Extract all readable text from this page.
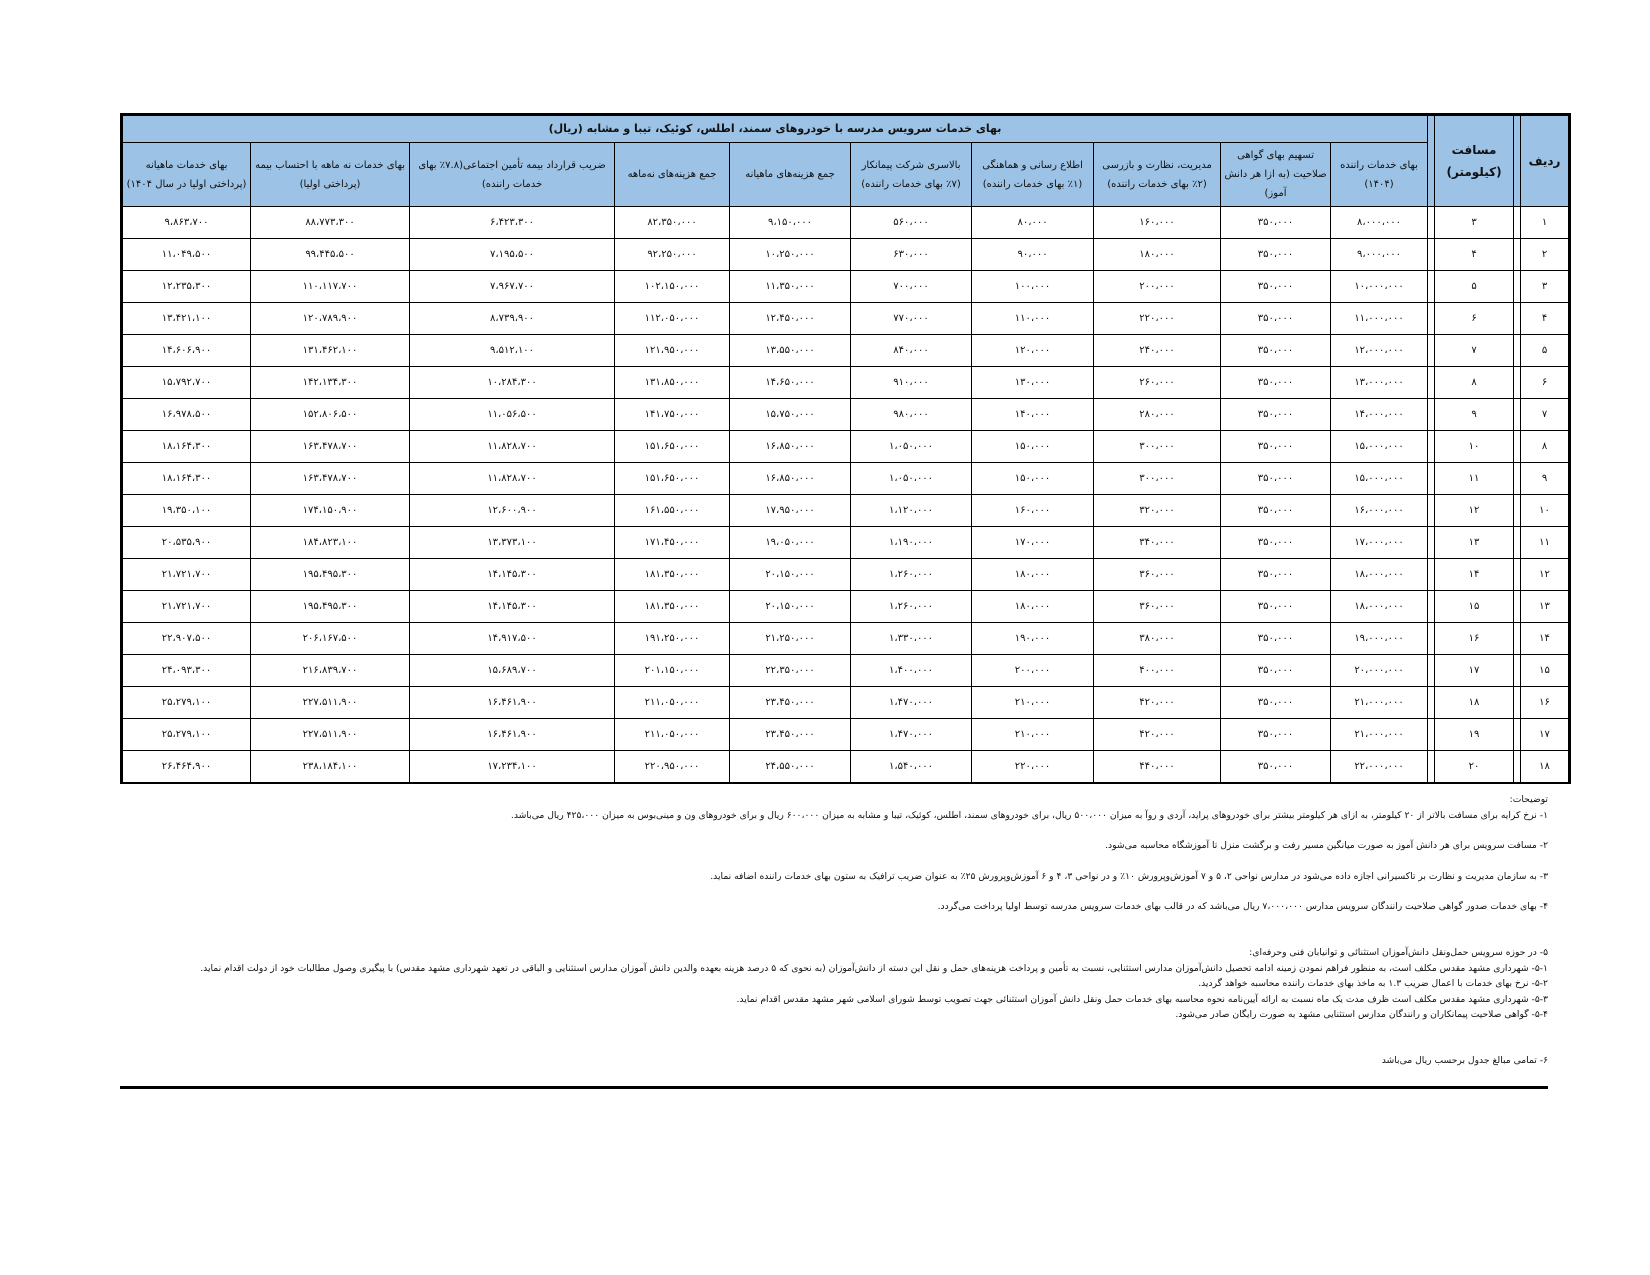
ردیف		مسافت (کیلومتر)		بهای خدمات سرویس مدرسه با خودروهای سمند، اطلس، کوئیک، تیبا و مشابه (ریال)									
				بهای خدمات راننده (۱۴۰۴)	تسهیم بهای گواهی صلاحیت (به ازا هر دانش آموز)	مدیریت، نظارت و بازرسی (۲٪ بهای خدمات راننده)	اطلاع رسانی و هماهنگی (۱٪ بهای خدمات راننده)	بالاسری شرکت پیمانکار (۷٪ بهای خدمات راننده)	جمع هزینه‌های ماهیانه	جمع هزینه‌های نه‌ماهه	ضریب قرارداد بیمه تأمین اجتماعی(۷.۸٪ بهای خدمات راننده)	بهای خدمات نه ماهه با احتساب بیمه (پرداختی اولیا)	بهای خدمات ماهیانه (پرداختی اولیا در سال ۱۴۰۴)
۱		۳		۸،۰۰۰،۰۰۰	۳۵۰،۰۰۰	۱۶۰،۰۰۰	۸۰،۰۰۰	۵۶۰،۰۰۰	۹،۱۵۰،۰۰۰	۸۲،۳۵۰،۰۰۰	۶،۴۲۳،۳۰۰	۸۸،۷۷۳،۳۰۰	۹،۸۶۳،۷۰۰
۲		۴		۹،۰۰۰،۰۰۰	۳۵۰،۰۰۰	۱۸۰،۰۰۰	۹۰،۰۰۰	۶۳۰،۰۰۰	۱۰،۲۵۰،۰۰۰	۹۲،۲۵۰،۰۰۰	۷،۱۹۵،۵۰۰	۹۹،۴۴۵،۵۰۰	۱۱،۰۴۹،۵۰۰
۳		۵		۱۰،۰۰۰،۰۰۰	۳۵۰،۰۰۰	۲۰۰،۰۰۰	۱۰۰،۰۰۰	۷۰۰،۰۰۰	۱۱،۳۵۰،۰۰۰	۱۰۲،۱۵۰،۰۰۰	۷،۹۶۷،۷۰۰	۱۱۰،۱۱۷،۷۰۰	۱۲،۲۳۵،۳۰۰
۴		۶		۱۱،۰۰۰،۰۰۰	۳۵۰،۰۰۰	۲۲۰،۰۰۰	۱۱۰،۰۰۰	۷۷۰،۰۰۰	۱۲،۴۵۰،۰۰۰	۱۱۲،۰۵۰،۰۰۰	۸،۷۳۹،۹۰۰	۱۲۰،۷۸۹،۹۰۰	۱۳،۴۲۱،۱۰۰
۵		۷		۱۲،۰۰۰،۰۰۰	۳۵۰،۰۰۰	۲۴۰،۰۰۰	۱۲۰،۰۰۰	۸۴۰،۰۰۰	۱۳،۵۵۰،۰۰۰	۱۲۱،۹۵۰،۰۰۰	۹،۵۱۲،۱۰۰	۱۳۱،۴۶۲،۱۰۰	۱۴،۶۰۶،۹۰۰
۶		۸		۱۳،۰۰۰،۰۰۰	۳۵۰،۰۰۰	۲۶۰،۰۰۰	۱۳۰،۰۰۰	۹۱۰،۰۰۰	۱۴،۶۵۰،۰۰۰	۱۳۱،۸۵۰،۰۰۰	۱۰،۲۸۴،۳۰۰	۱۴۲،۱۳۴،۳۰۰	۱۵،۷۹۲،۷۰۰
۷		۹		۱۴،۰۰۰،۰۰۰	۳۵۰،۰۰۰	۲۸۰،۰۰۰	۱۴۰،۰۰۰	۹۸۰،۰۰۰	۱۵،۷۵۰،۰۰۰	۱۴۱،۷۵۰،۰۰۰	۱۱،۰۵۶،۵۰۰	۱۵۲،۸۰۶،۵۰۰	۱۶،۹۷۸،۵۰۰
۸		۱۰		۱۵،۰۰۰،۰۰۰	۳۵۰،۰۰۰	۳۰۰،۰۰۰	۱۵۰،۰۰۰	۱،۰۵۰،۰۰۰	۱۶،۸۵۰،۰۰۰	۱۵۱،۶۵۰،۰۰۰	۱۱،۸۲۸،۷۰۰	۱۶۳،۴۷۸،۷۰۰	۱۸،۱۶۴،۳۰۰
۹		۱۱		۱۵،۰۰۰،۰۰۰	۳۵۰،۰۰۰	۳۰۰،۰۰۰	۱۵۰،۰۰۰	۱،۰۵۰،۰۰۰	۱۶،۸۵۰،۰۰۰	۱۵۱،۶۵۰،۰۰۰	۱۱،۸۲۸،۷۰۰	۱۶۳،۴۷۸،۷۰۰	۱۸،۱۶۴،۳۰۰
۱۰		۱۲		۱۶،۰۰۰،۰۰۰	۳۵۰،۰۰۰	۳۲۰،۰۰۰	۱۶۰،۰۰۰	۱،۱۲۰،۰۰۰	۱۷،۹۵۰،۰۰۰	۱۶۱،۵۵۰،۰۰۰	۱۲،۶۰۰،۹۰۰	۱۷۴،۱۵۰،۹۰۰	۱۹،۳۵۰،۱۰۰
۱۱		۱۳		۱۷،۰۰۰،۰۰۰	۳۵۰،۰۰۰	۳۴۰،۰۰۰	۱۷۰،۰۰۰	۱،۱۹۰،۰۰۰	۱۹،۰۵۰،۰۰۰	۱۷۱،۴۵۰،۰۰۰	۱۳،۳۷۳،۱۰۰	۱۸۴،۸۲۳،۱۰۰	۲۰،۵۳۵،۹۰۰
۱۲		۱۴		۱۸،۰۰۰،۰۰۰	۳۵۰،۰۰۰	۳۶۰،۰۰۰	۱۸۰،۰۰۰	۱،۲۶۰،۰۰۰	۲۰،۱۵۰،۰۰۰	۱۸۱،۳۵۰،۰۰۰	۱۴،۱۴۵،۳۰۰	۱۹۵،۴۹۵،۳۰۰	۲۱،۷۲۱،۷۰۰
۱۳		۱۵		۱۸،۰۰۰،۰۰۰	۳۵۰،۰۰۰	۳۶۰،۰۰۰	۱۸۰،۰۰۰	۱،۲۶۰،۰۰۰	۲۰،۱۵۰،۰۰۰	۱۸۱،۳۵۰،۰۰۰	۱۴،۱۴۵،۳۰۰	۱۹۵،۴۹۵،۳۰۰	۲۱،۷۲۱،۷۰۰
۱۴		۱۶		۱۹،۰۰۰،۰۰۰	۳۵۰،۰۰۰	۳۸۰،۰۰۰	۱۹۰،۰۰۰	۱،۳۳۰،۰۰۰	۲۱،۲۵۰،۰۰۰	۱۹۱،۲۵۰،۰۰۰	۱۴،۹۱۷،۵۰۰	۲۰۶،۱۶۷،۵۰۰	۲۲،۹۰۷،۵۰۰
۱۵		۱۷		۲۰،۰۰۰،۰۰۰	۳۵۰،۰۰۰	۴۰۰،۰۰۰	۲۰۰،۰۰۰	۱،۴۰۰،۰۰۰	۲۲،۳۵۰،۰۰۰	۲۰۱،۱۵۰،۰۰۰	۱۵،۶۸۹،۷۰۰	۲۱۶،۸۳۹،۷۰۰	۲۴،۰۹۳،۳۰۰
۱۶		۱۸		۲۱،۰۰۰،۰۰۰	۳۵۰،۰۰۰	۴۲۰،۰۰۰	۲۱۰،۰۰۰	۱،۴۷۰،۰۰۰	۲۳،۴۵۰،۰۰۰	۲۱۱،۰۵۰،۰۰۰	۱۶،۴۶۱،۹۰۰	۲۲۷،۵۱۱،۹۰۰	۲۵،۲۷۹،۱۰۰
۱۷		۱۹		۲۱،۰۰۰،۰۰۰	۳۵۰،۰۰۰	۴۲۰،۰۰۰	۲۱۰،۰۰۰	۱،۴۷۰،۰۰۰	۲۳،۴۵۰،۰۰۰	۲۱۱،۰۵۰،۰۰۰	۱۶،۴۶۱،۹۰۰	۲۲۷،۵۱۱،۹۰۰	۲۵،۲۷۹،۱۰۰
۱۸		۲۰		۲۲،۰۰۰،۰۰۰	۳۵۰،۰۰۰	۴۴۰،۰۰۰	۲۲۰،۰۰۰	۱،۵۴۰،۰۰۰	۲۴،۵۵۰،۰۰۰	۲۲۰،۹۵۰،۰۰۰	۱۷،۲۳۴،۱۰۰	۲۳۸،۱۸۴،۱۰۰	۲۶،۴۶۴،۹۰۰
توضیحات:
۱- نرخ کرایه برای مسافت بالاتر از ۲۰ کیلومتر، به ازای هر کیلومتر بیشتر برای خودروهای پراید، آردی و روآ به میزان ۵۰۰،۰۰۰ ریال، برای خودروهای سمند، اطلس، کوئیک، تیبا و مشابه به میزان ۶۰۰،۰۰۰ ریال و برای خودروهای ون و مینی‌بوس به میزان ۴۲۵،۰۰۰ ریال می‌باشد.
۲- مسافت سرویس برای هر دانش آموز به صورت میانگین مسیر رفت و برگشت منزل تا آموزشگاه محاسبه می‌شود.
۳- به سازمان مدیریت و نظارت بر تاکسیرانی اجازه داده می‌شود در مدارس نواحی ۲، ۵ و ۷ آموزش‌وپرورش ۱۰٪ و در نواحی ۳، ۴ و ۶ آموزش‌وپرورش ۲۵٪ به عنوان ضریب ترافیک به ستون بهای خدمات راننده اضافه نماید.
۴- بهای خدمات صدور گواهی صلاحیت رانندگان سرویس مدارس ۷،۰۰۰،۰۰۰ ریال می‌باشد که در قالب بهای خدمات سرویس مدرسه توسط اولیا پرداخت می‌گردد.
۵- در حوزه سرویس حمل‌ونقل دانش‌آموزان استثنائی و توانیابان فنی وحرفه‌ای:
۵-۱- شهرداری مشهد مقدس مکلف است، به منظور فراهم نمودن زمینه ادامه تحصیل دانش‌آموزان مدارس استثنایی، نسبت به تأمین و پرداخت هزینه‌های حمل و نقل این دسته از دانش‌آموزان (به نحوی که ۵ درصد هزینه بعهده والدین دانش آموزان مدارس استثنایی و الباقی در تعهد شهرداری مشهد مقدس) با پیگیری وصول مطالبات خود از دولت اقدام نماید.
۵-۲- نرخ بهای خدمات با اعمال ضریب ۱.۳ به ماخذ بهای خدمات راننده محاسبه خواهد گردید.
۵-۳- شهرداری مشهد مقدس مکلف است ظرف مدت یک ماه نسبت به ارائه آیین‌نامه نحوه محاسبه بهای خدمات حمل ونقل دانش آموزان استثنائی جهت تصویب توسط شورای اسلامی شهر مشهد مقدس اقدام نماید.
۵-۴- گواهی صلاحیت پیمانکاران و رانندگان مدارس استثنایی مشهد به صورت رایگان صادر می‌شود.
۶- تمامی مبالغ جدول برحسب ریال می‌باشد
